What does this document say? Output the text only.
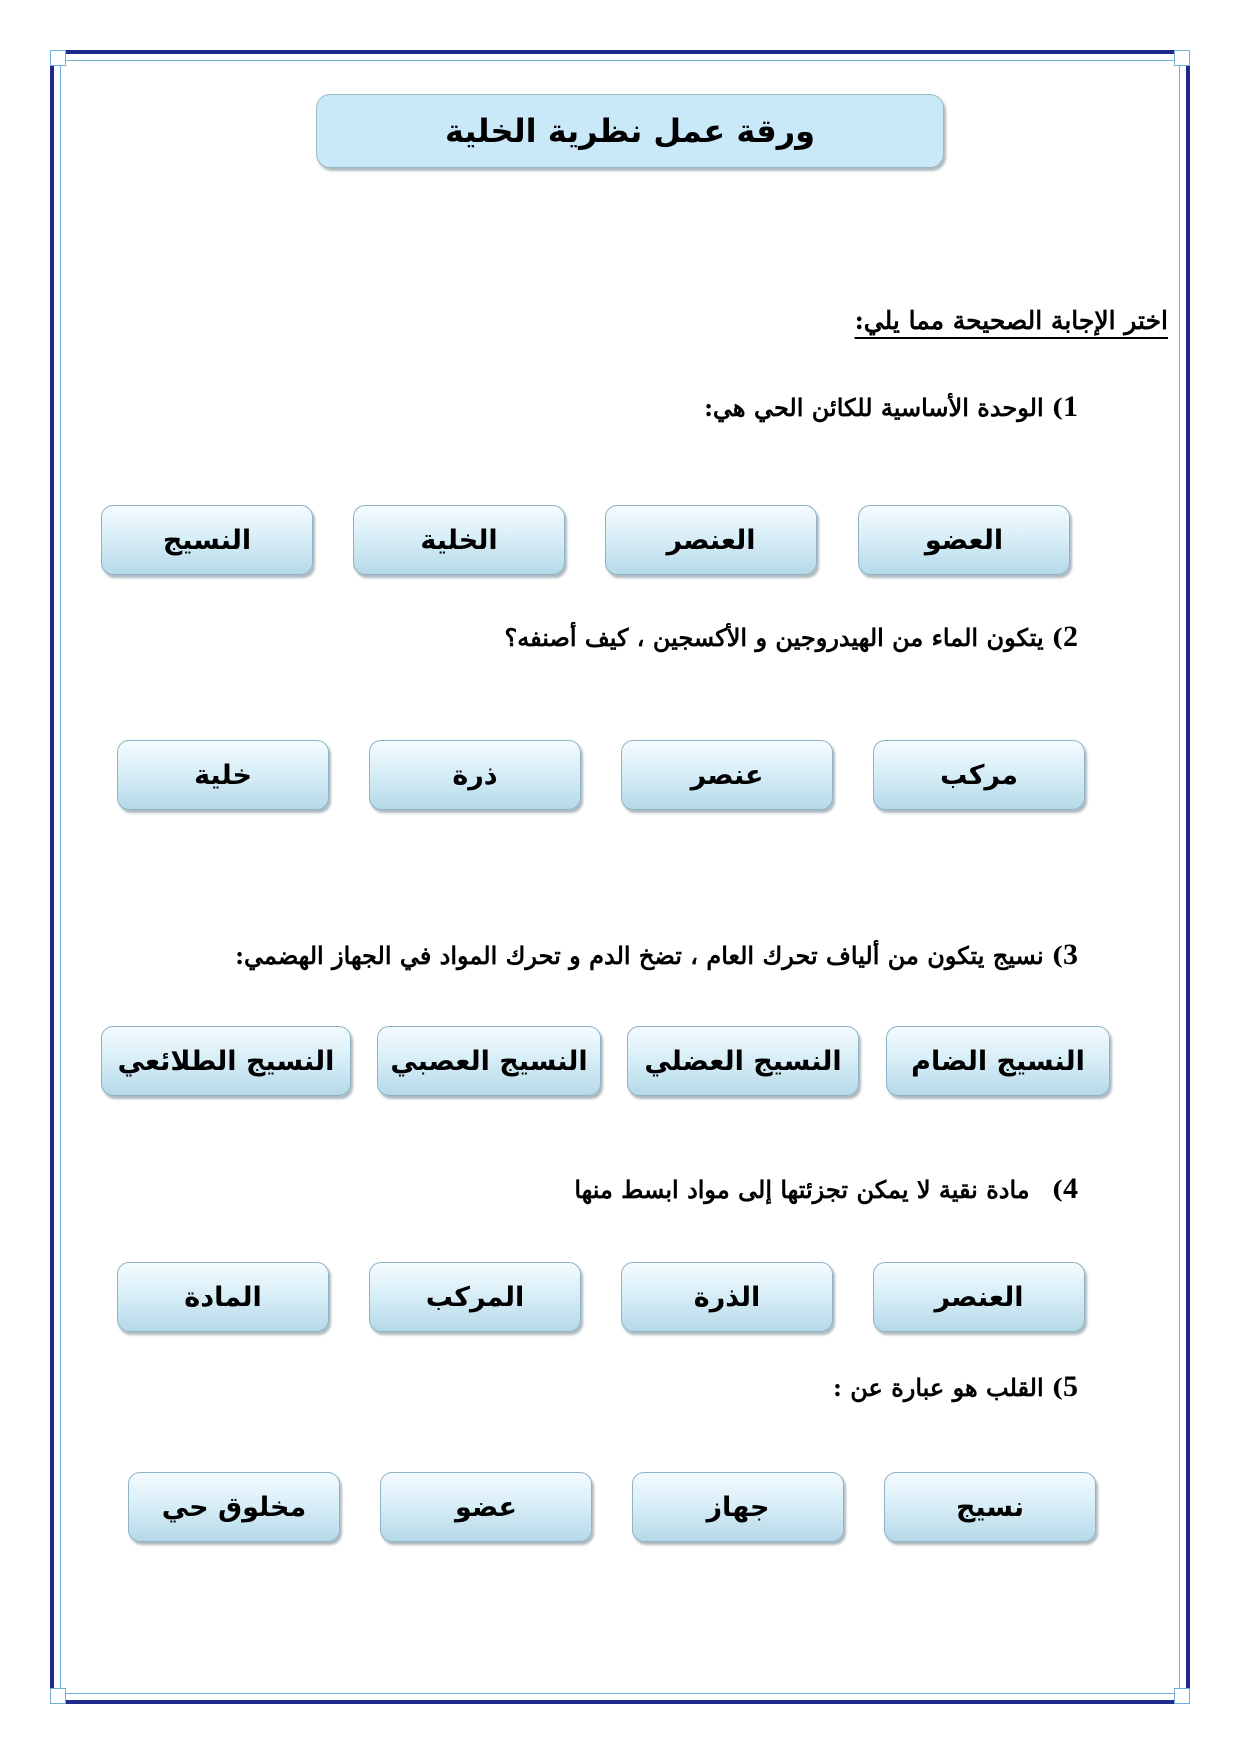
ورقة عمل نظرية الخلية
اختر الإجابة الصحيحة مما يلي:
1
)
الوحدة الأساسية للكائن الحي هي:
العضو
العنصر
الخلية
النسيج
2
)
يتكون الماء من الهيدروجين و الأكسجين ، كيف أصنفه؟
مركب
عنصر
ذرة
خلية
3
)
نسيج يتكون من ألياف تحرك العام ، تضخ الدم و تحرك المواد في الجهاز الهضمي:
النسيج الضام
النسيج العضلي
النسيج العصبي
النسيج الطلائعي
4
)
مادة نقية لا يمكن تجزئتها إلى مواد ابسط منها
العنصر
الذرة
المركب
المادة
5
)
القلب هو عبارة عن :
نسيج
جهاز
عضو
مخلوق حي
